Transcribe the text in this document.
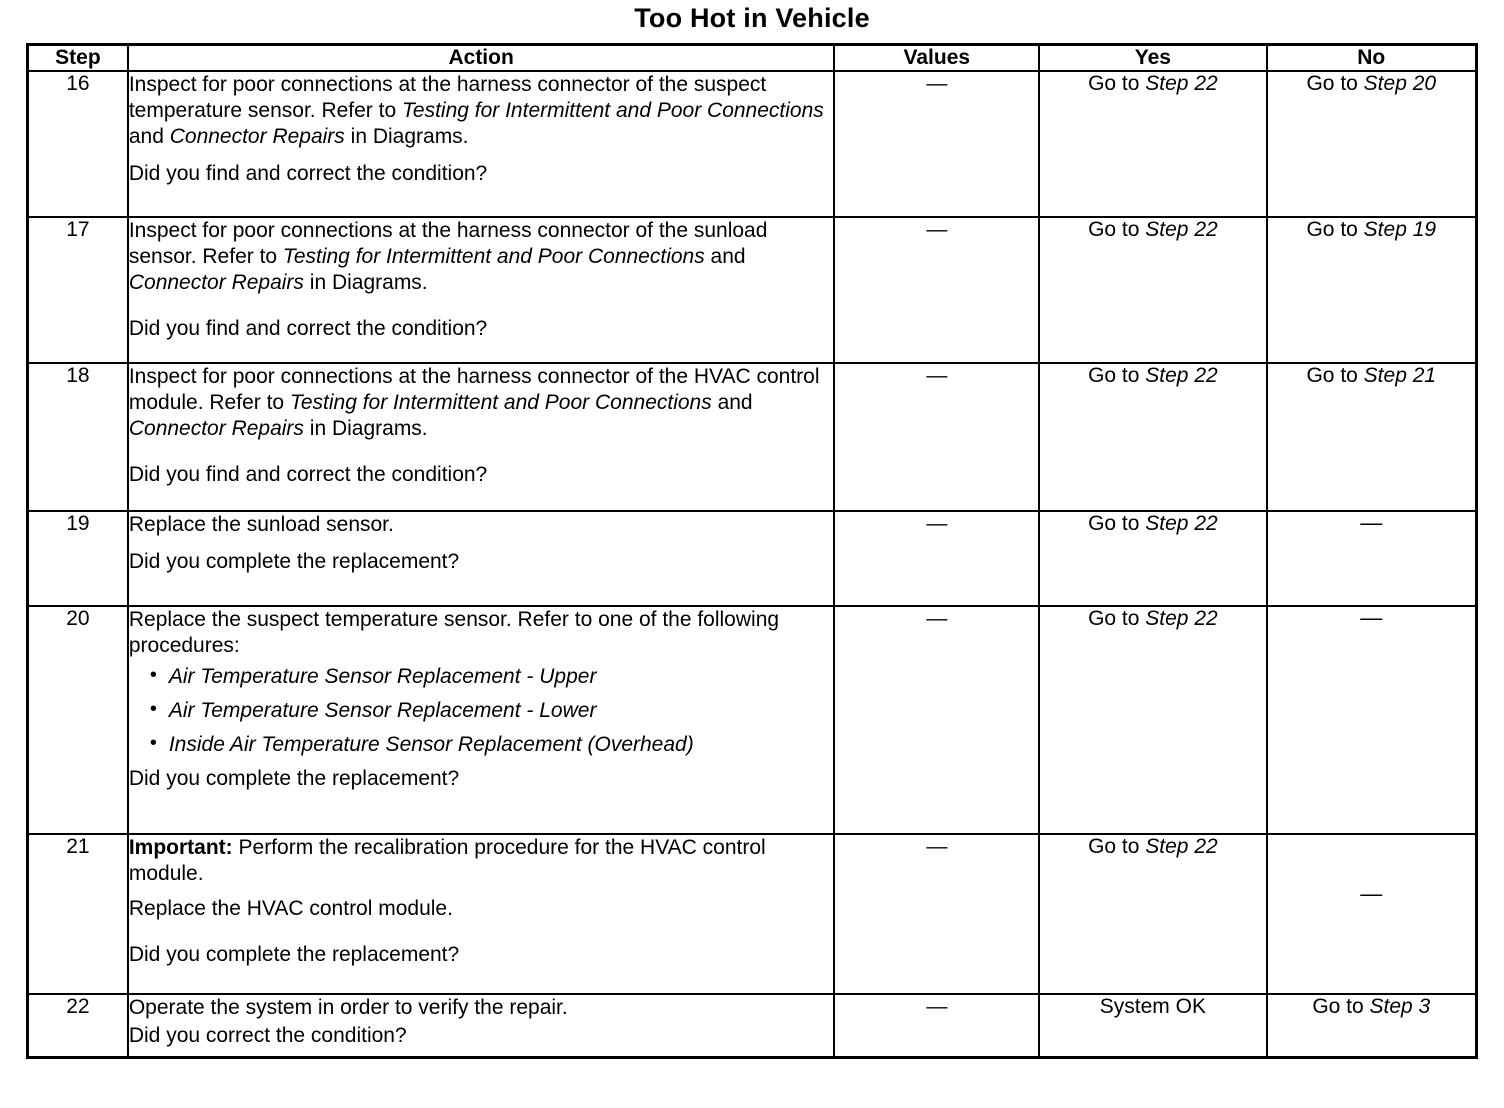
Too Hot in Vehicle
Step	Action	Values	Yes	No
16	Inspect for poor connections at the harness connector of the suspect temperature sensor. Refer to Testing for Intermittent and Poor Connections and Connector Repairs in Diagrams.
Did you find and correct the condition?	—	Go to Step 22	Go to Step 20

17	Inspect for poor connections at the harness connector of the sunload sensor. Refer to Testing for Intermittent and Poor Connections and Connector Repairs in Diagrams.
Did you find and correct the condition?	—	Go to Step 22	Go to Step 19

18	Inspect for poor connections at the harness connector of the HVAC control module. Refer to Testing for Intermittent and Poor Connections and Connector Repairs in Diagrams.
Did you find and correct the condition?	—	Go to Step 22	Go to Step 21

19	Replace the sunload sensor.
Did you complete the replacement?	—	Go to Step 22	—

20	Replace the suspect temperature sensor. Refer to one of the following procedures:
• Air Temperature Sensor Replacement - Upper
• Air Temperature Sensor Replacement - Lower
• Inside Air Temperature Sensor Replacement (Overhead)
Did you complete the replacement?
	—	Go to Step 22	—

21	Important: Perform the recalibration procedure for the HVAC control module.
Replace the HVAC control module.
Did you complete the replacement?	—	Go to Step 22	—

22	Operate the system in order to verify the repair.
Did you correct the condition?	—	System OK	Go to Step 3
